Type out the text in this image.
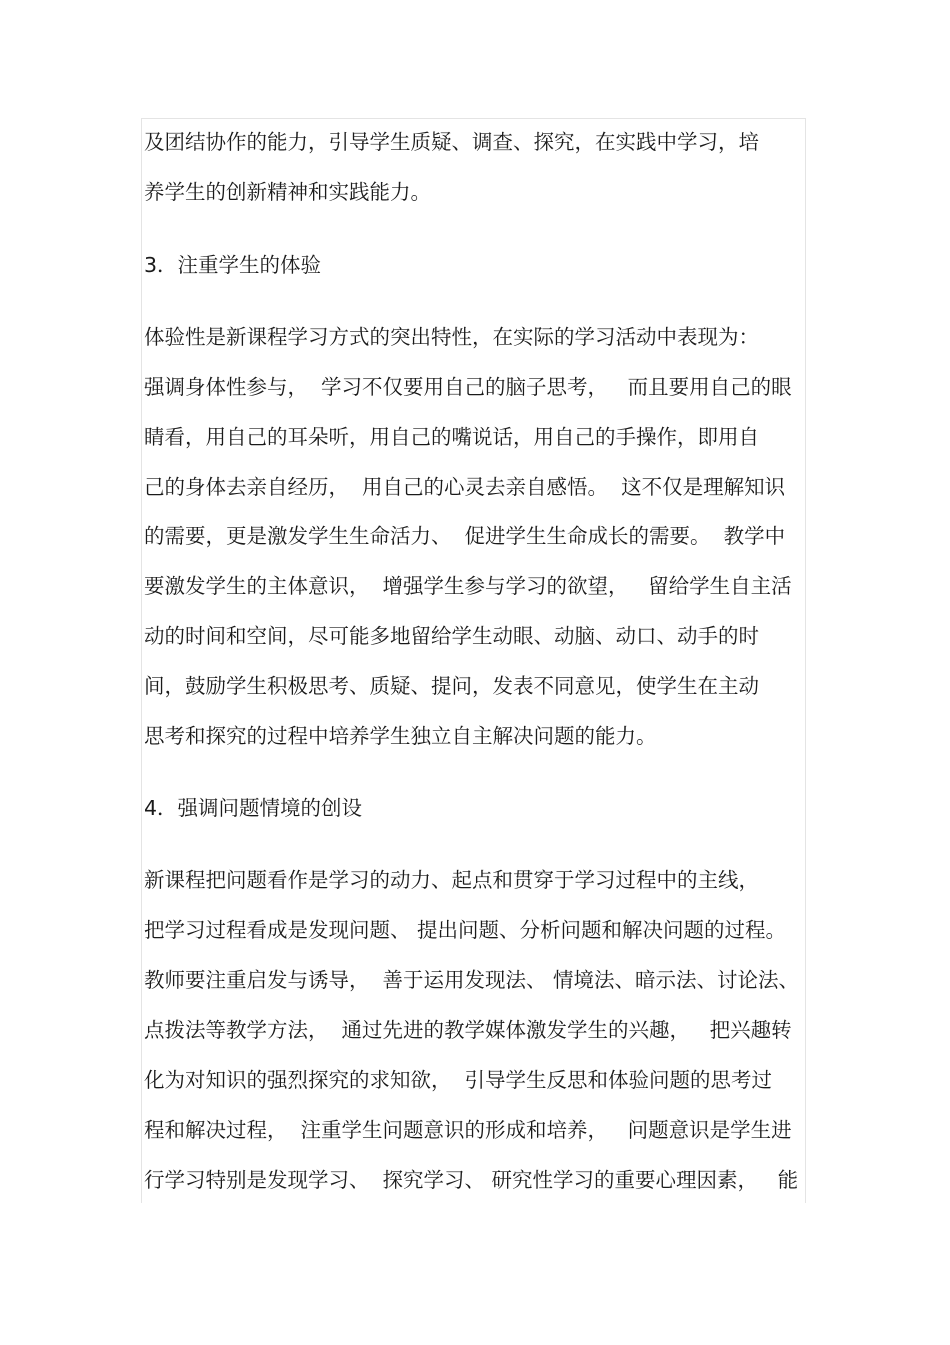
及团结协作的能力，引导学生质疑、调查、探究，在实践中学习，培
养学生的创新精神和实践能力。
3．注重学生的体验
体验性是新课程学习方式的突出特性，在实际的学习活动中表现为：
强调身体性参与，  学习不仅要用自己的脑子思考，   而且要用自己的眼
睛看，用自己的耳朵听，用自己的嘴说话，用自己的手操作，即用自
己的身体去亲自经历，  用自己的心灵去亲自感悟。  这不仅是理解知识
的需要，更是激发学生生命活力、  促进学生生命成长的需要。  教学中
要激发学生的主体意识，  增强学生参与学习的欲望，   留给学生自主活
动的时间和空间，尽可能多地留给学生动眼、动脑、动口、动手的时
间，鼓励学生积极思考、质疑、提问，发表不同意见，使学生在主动
思考和探究的过程中培养学生独立自主解决问题的能力。
4．强调问题情境的创设
新课程把问题看作是学习的动力、起点和贯穿于学习过程中的主线，
把学习过程看成是发现问题、 提出问题、分析问题和解决问题的过程。
教师要注重启发与诱导，  善于运用发现法、 情境法、暗示法、讨论法、
点拨法等教学方法，  通过先进的教学媒体激发学生的兴趣，   把兴趣转
化为对知识的强烈探究的求知欲，  引导学生反思和体验问题的思考过
程和解决过程，  注重学生问题意识的形成和培养，   问题意识是学生进
行学习特别是发现学习、  探究学习、 研究性学习的重要心理因素，   能
